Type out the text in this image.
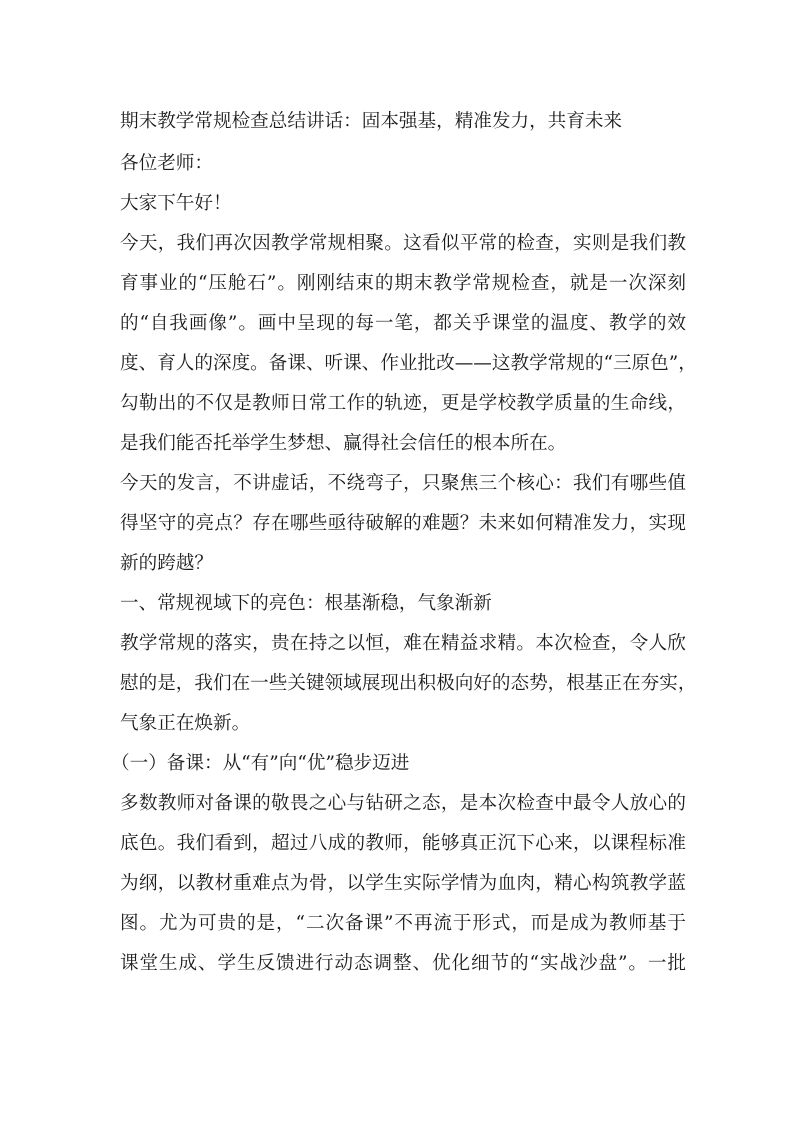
期末教学常规检查总结讲话：固本强基，精准发力，共育未来
各位老师：
大家下午好！
今天，我们再次因教学常规相聚。这看似平常的检查，实则是我们教
育事业的“压舱石”。刚刚结束的期末教学常规检查，就是一次深刻
的“自我画像”。画中呈现的每一笔，都关乎课堂的温度、教学的效
度、育人的深度。备课、听课、作业批改——这教学常规的“三原色”，
勾勒出的不仅是教师日常工作的轨迹，更是学校教学质量的生命线，
是我们能否托举学生梦想、赢得社会信任的根本所在。
今天的发言，不讲虚话，不绕弯子，只聚焦三个核心：我们有哪些值
得坚守的亮点？存在哪些亟待破解的难题？未来如何精准发力，实现
新的跨越？
一、常规视域下的亮色：根基渐稳，气象渐新
教学常规的落实，贵在持之以恒，难在精益求精。本次检查，令人欣
慰的是，我们在一些关键领域展现出积极向好的态势，根基正在夯实，
气象正在焕新。
（一）备课：从“有”向“优”稳步迈进
多数教师对备课的敬畏之心与钻研之态，是本次检查中最令人放心的
底色。我们看到，超过八成的教师，能够真正沉下心来，以课程标准
为纲，以教材重难点为骨，以学生实际学情为血肉，精心构筑教学蓝
图。尤为可贵的是，“二次备课”不再流于形式，而是成为教师基于
课堂生成、学生反馈进行动态调整、优化细节的“实战沙盘”。一批
